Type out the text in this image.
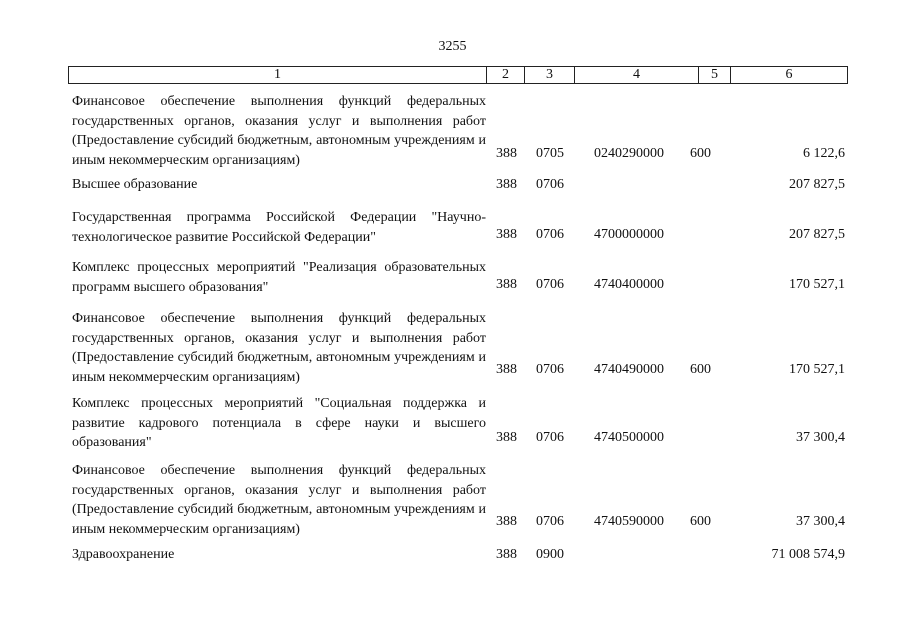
3255
1	2	3	4	5	6
Финансовое обеспечение выполнения функций федеральных государственных органов, оказания услуг и выполнения работ (Предоставление субсидий бюджетным, автономным учреждениям и иным некоммерческим организациям)	388 0705 0240290000 600	6 122,6
Высшее образование	388 0706	207 827,5
Государственная программа Российской Федерации "Научно-технологическое развитие Российской Федерации"	388 0706 4700000000	207 827,5
Комплекс процессных мероприятий "Реализация образовательных программ высшего образования"	388 0706 4740400000	170 527,1
Финансовое обеспечение выполнения функций федеральных государственных органов, оказания услуг и выполнения работ (Предоставление субсидий бюджетным, автономным учреждениям и иным некоммерческим организациям)	388 0706 4740490000 600	170 527,1
Комплекс процессных мероприятий "Социальная поддержка и развитие кадрового потенциала в сфере науки и высшего образования"	388 0706 4740500000	37 300,4
Финансовое обеспечение выполнения функций федеральных государственных органов, оказания услуг и выполнения работ (Предоставление субсидий бюджетным, автономным учреждениям и иным некоммерческим организациям)	388 0706 4740590000 600	37 300,4
Здравоохранение	388 0900	71 008 574,9
